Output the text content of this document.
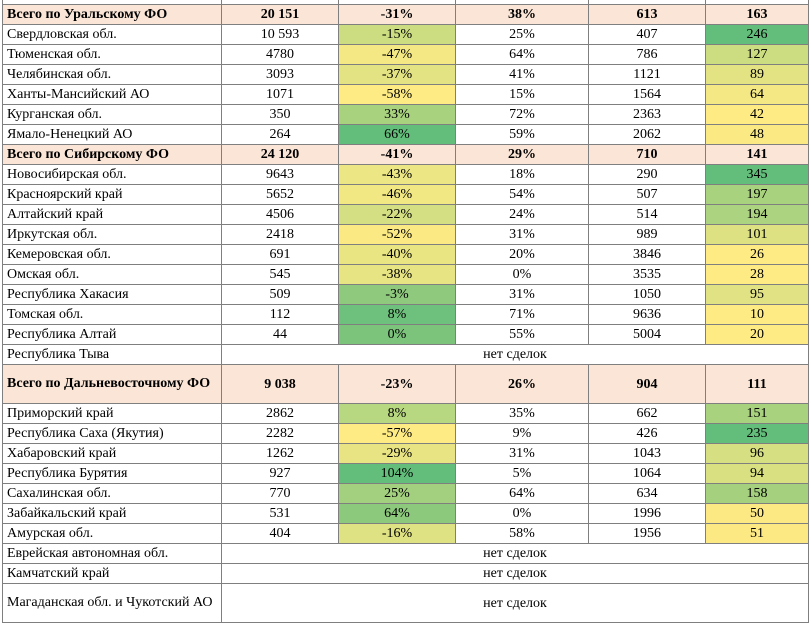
Всего по Уральскому ФО	20 151	-31%	38%	613	163
Свердловская обл.	10 593	-15%	25%	407	246
Тюменская обл.	4780	-47%	64%	786	127
Челябинская обл.	3093	-37%	41%	1121	89
Ханты-Мансийский АО	1071	-58%	15%	1564	64
Курганская обл.	350	33%	72%	2363	42
Ямало-Ненецкий АО	264	66%	59%	2062	48
Всего по Сибирскому ФО	24 120	-41%	29%	710	141
Новосибирская обл.	9643	-43%	18%	290	345
Красноярский край	5652	-46%	54%	507	197
Алтайский край	4506	-22%	24%	514	194
Иркутская обл.	2418	-52%	31%	989	101
Кемеровская обл.	691	-40%	20%	3846	26
Омская обл.	545	-38%	0%	3535	28
Республика Хакасия	509	-3%	31%	1050	95
Томская обл.	112	8%	71%	9636	10
Республика Алтай	44	0%	55%	5004	20
Республика Тыва	нет сделок				
Всего по Дальневосточному ФО	9 038	-23%	26%	904	111
Приморский край	2862	8%	35%	662	151
Республика Саха (Якутия)	2282	-57%	9%	426	235
Хабаровский край	1262	-29%	31%	1043	96
Республика Бурятия	927	104%	5%	1064	94
Сахалинская обл.	770	25%	64%	634	158
Забайкальский край	531	64%	0%	1996	50
Амурская обл.	404	-16%	58%	1956	51
Еврейская автономная обл.	нет сделок				
Камчатский край	нет сделок				
Магаданская обл. и Чукотский АО	нет сделок				
